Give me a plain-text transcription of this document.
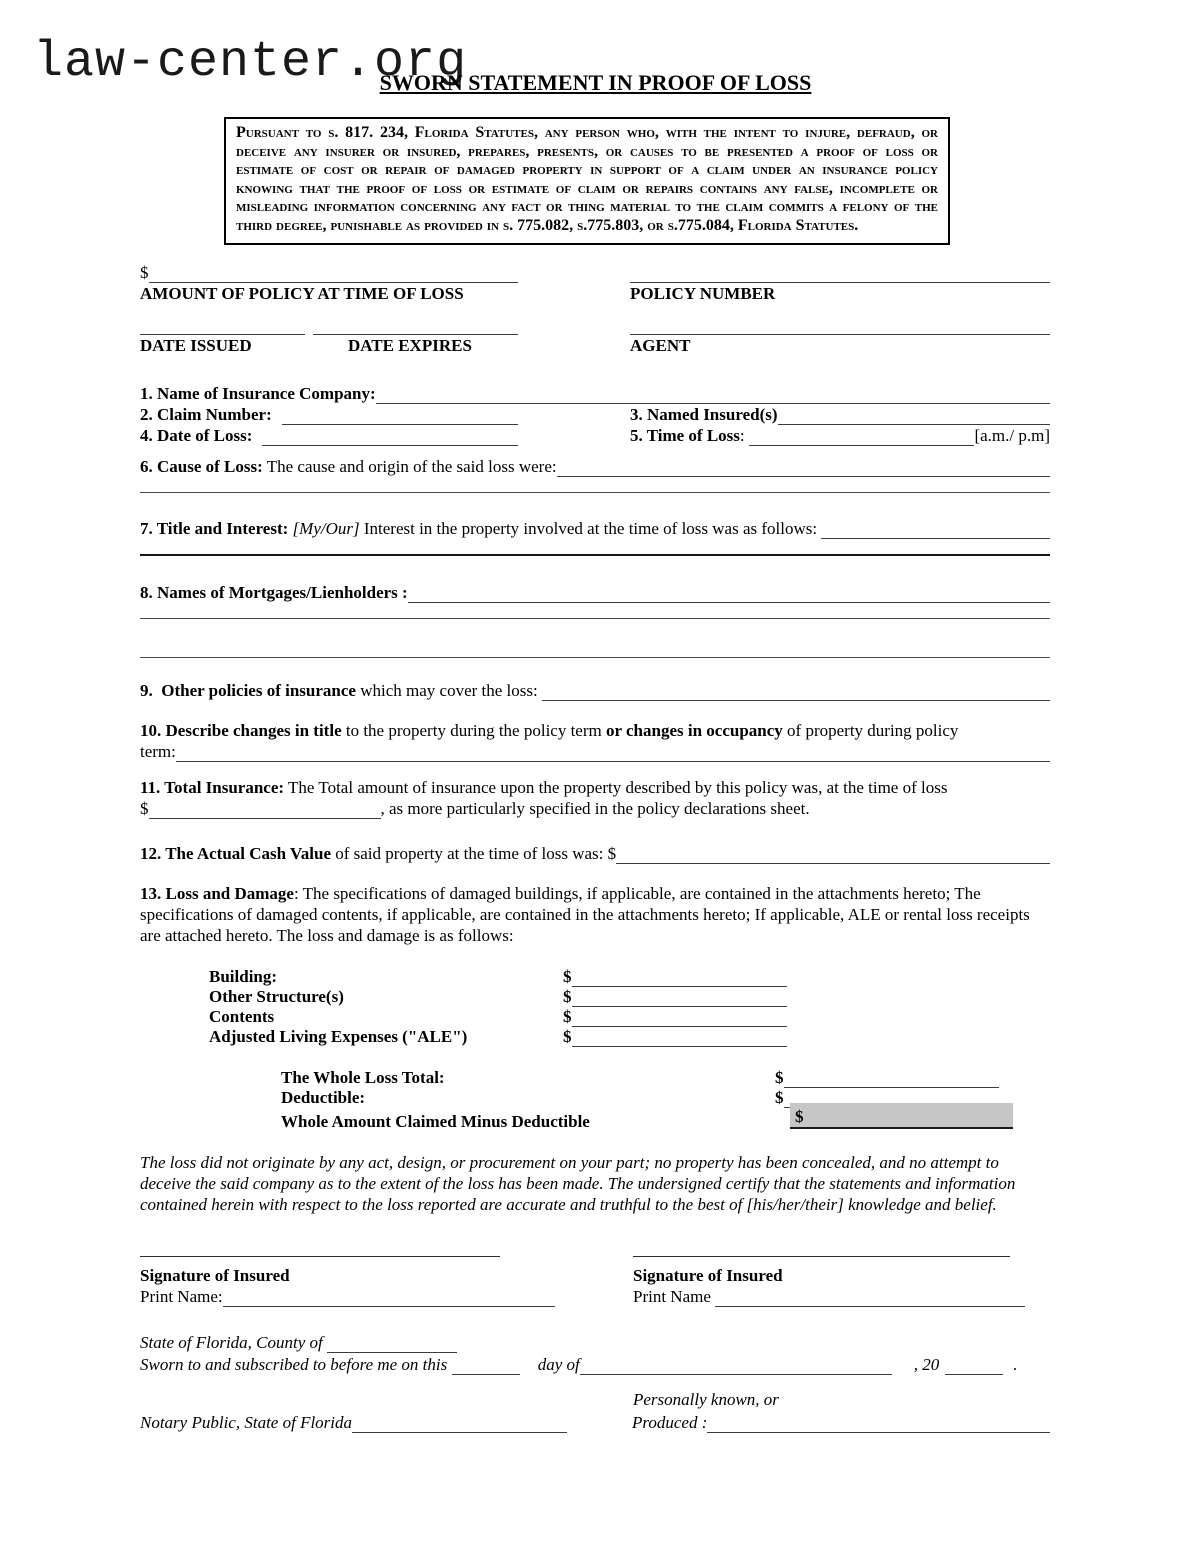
law-center.org
SWORN STATEMENT IN PROOF OF LOSS
Pursuant to s. 817. 234, Florida Statutes, any person who, with the intent to injure, defraud, or deceive any insurer or insured, prepares, presents, or causes to be presented a proof of loss or estimate of cost or repair of damaged property in support of a claim under an insurance policy knowing that the proof of loss or estimate of claim or repairs contains any false, incomplete or misleading information concerning any fact or thing material to the claim commits a felony of the third degree, punishable as provided in s. 775.082, s.775.803, or s.775.084, Florida Statutes.
$
AMOUNT OF POLICY AT TIME OF LOSS	POLICY NUMBER
DATE ISSUED	DATE EXPIRES	AGENT
1. Name of Insurance Company:
2. Claim Number:	3. Named Insured(s)
4. Date of Loss:	5. Time of Loss :	[a.m./ p.m]
6. Cause of Loss: The cause and origin of the said loss were:
7. Title and Interest: [My/Our] Interest in the property involved at the time of loss was as follows:
8. Names of Mortgages/Lienholders :

9.  Other policies of insurance which may cover the loss:
10. Describe changes in title to the property during the policy term or changes in occupancy of property during policy
term:
11. Total Insurance: The Total amount of insurance upon the property described by this policy was, at the time of loss
$	, as more particularly specified in the policy declarations sheet.
12. The Actual Cash Value of said property at the time of loss was: $
13. Loss and Damage: The specifications of damaged buildings, if applicable, are contained in the attachments hereto; The specifications of damaged contents, if applicable, are contained in the attachments hereto; If applicable, ALE or rental loss receipts are attached hereto. The loss and damage is as follows:
Building:	$
Other Structure(s)	$
Contents	$
Adjusted Living Expenses ("ALE")	$
The Whole Loss Total:	$
Deductible:	$
Whole Amount Claimed Minus Deductible	$

The loss did not originate by any act, design, or procurement on your part; no property has been concealed, and no attempt to deceive the said company as to the extent of the loss has been made. The undersigned certify that the statements and information contained herein with respect to the loss reported are accurate and truthful to the best of [his/her/their] knowledge and belief.

Signature of Insured
Print Name:
Signature of Insured
Print Name
State of Florida, County of
Sworn to and subscribed to before me on this	day of	, 20	.
Personally known, or
Notary Public, State of Florida	Produced :
